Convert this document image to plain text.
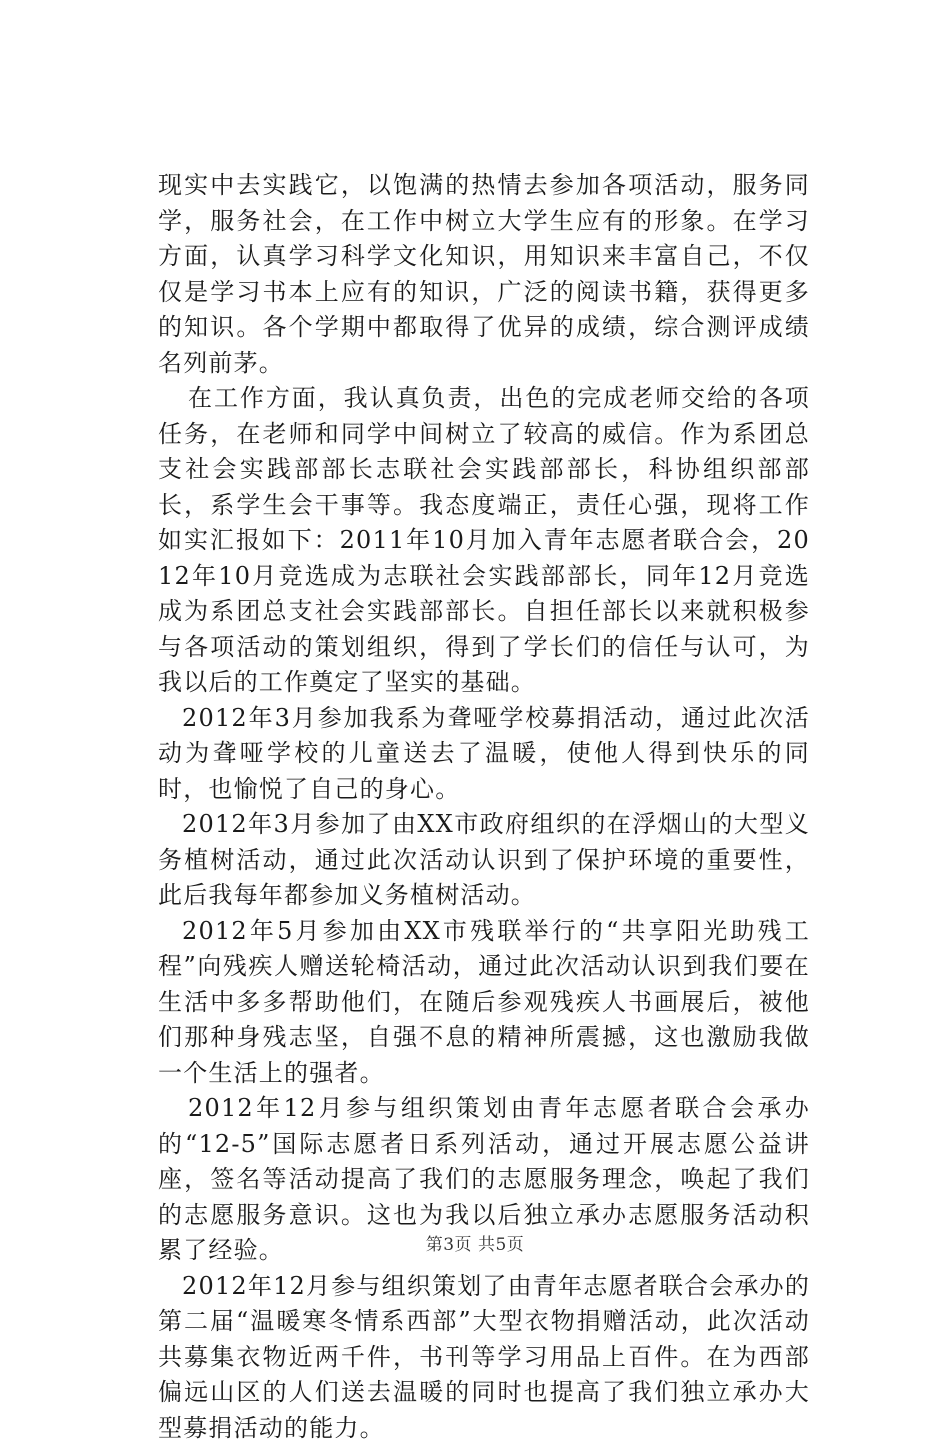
现实中去实践它，以饱满的热情去参加各项活动，服务同学，服务社会，在工作中树立大学生应有的形象。在学习方面，认真学习科学文化知识，用知识来丰富自己，不仅仅是学习书本上应有的知识，广泛的阅读书籍，获得更多的知识。各个学期中都取得了优异的成绩，综合测评成绩名列前茅。

在工作方面，我认真负责，出色的完成老师交给的各项任务，在老师和同学中间树立了较高的威信。作为系团总支社会实践部部长志联社会实践部部长，科协组织部部长，系学生会干事等。我态度端正，责任心强，现将工作如实汇报如下：2011年10月加入青年志愿者联合会，2012年10月竞选成为志联社会实践部部长，同年12月竞选成为系团总支社会实践部部长。自担任部长以来就积极参与各项活动的策划组织，得到了学长们的信任与认可，为我以后的工作奠定了坚实的基础。

2012年3月参加我系为聋哑学校募捐活动，通过此次活动为聋哑学校的儿童送去了温暖，使他人得到快乐的同时，也愉悦了自己的身心。

2012年3月参加了由XX市政府组织的在浮烟山的大型义务植树活动，通过此次活动认识到了保护环境的重要性，此后我每年都参加义务植树活动。

2012年5月参加由XX市残联举行的“共享阳光助残工程”向残疾人赠送轮椅活动，通过此次活动认识到我们要在生活中多多帮助他们，在随后参观残疾人书画展后，被他们那种身残志坚，自强不息的精神所震撼，这也激励我做一个生活上的强者。

2012年12月参与组织策划由青年志愿者联合会承办的“12-5”国际志愿者日系列活动，通过开展志愿公益讲座，签名等活动提高了我们的志愿服务理念，唤起了我们的志愿服务意识。这也为我以后独立承办志愿服务活动积累了经验。

2012年12月参与组织策划了由青年志愿者联合会承办的第二届“温暖寒冬情系西部”大型衣物捐赠活动，此次活动共募集衣物近两千件，书刊等学习用品上百件。在为西部偏远山区的人们送去温暖的同时也提高了我们独立承办大型募捐活动的能力。

第3页 共5页
